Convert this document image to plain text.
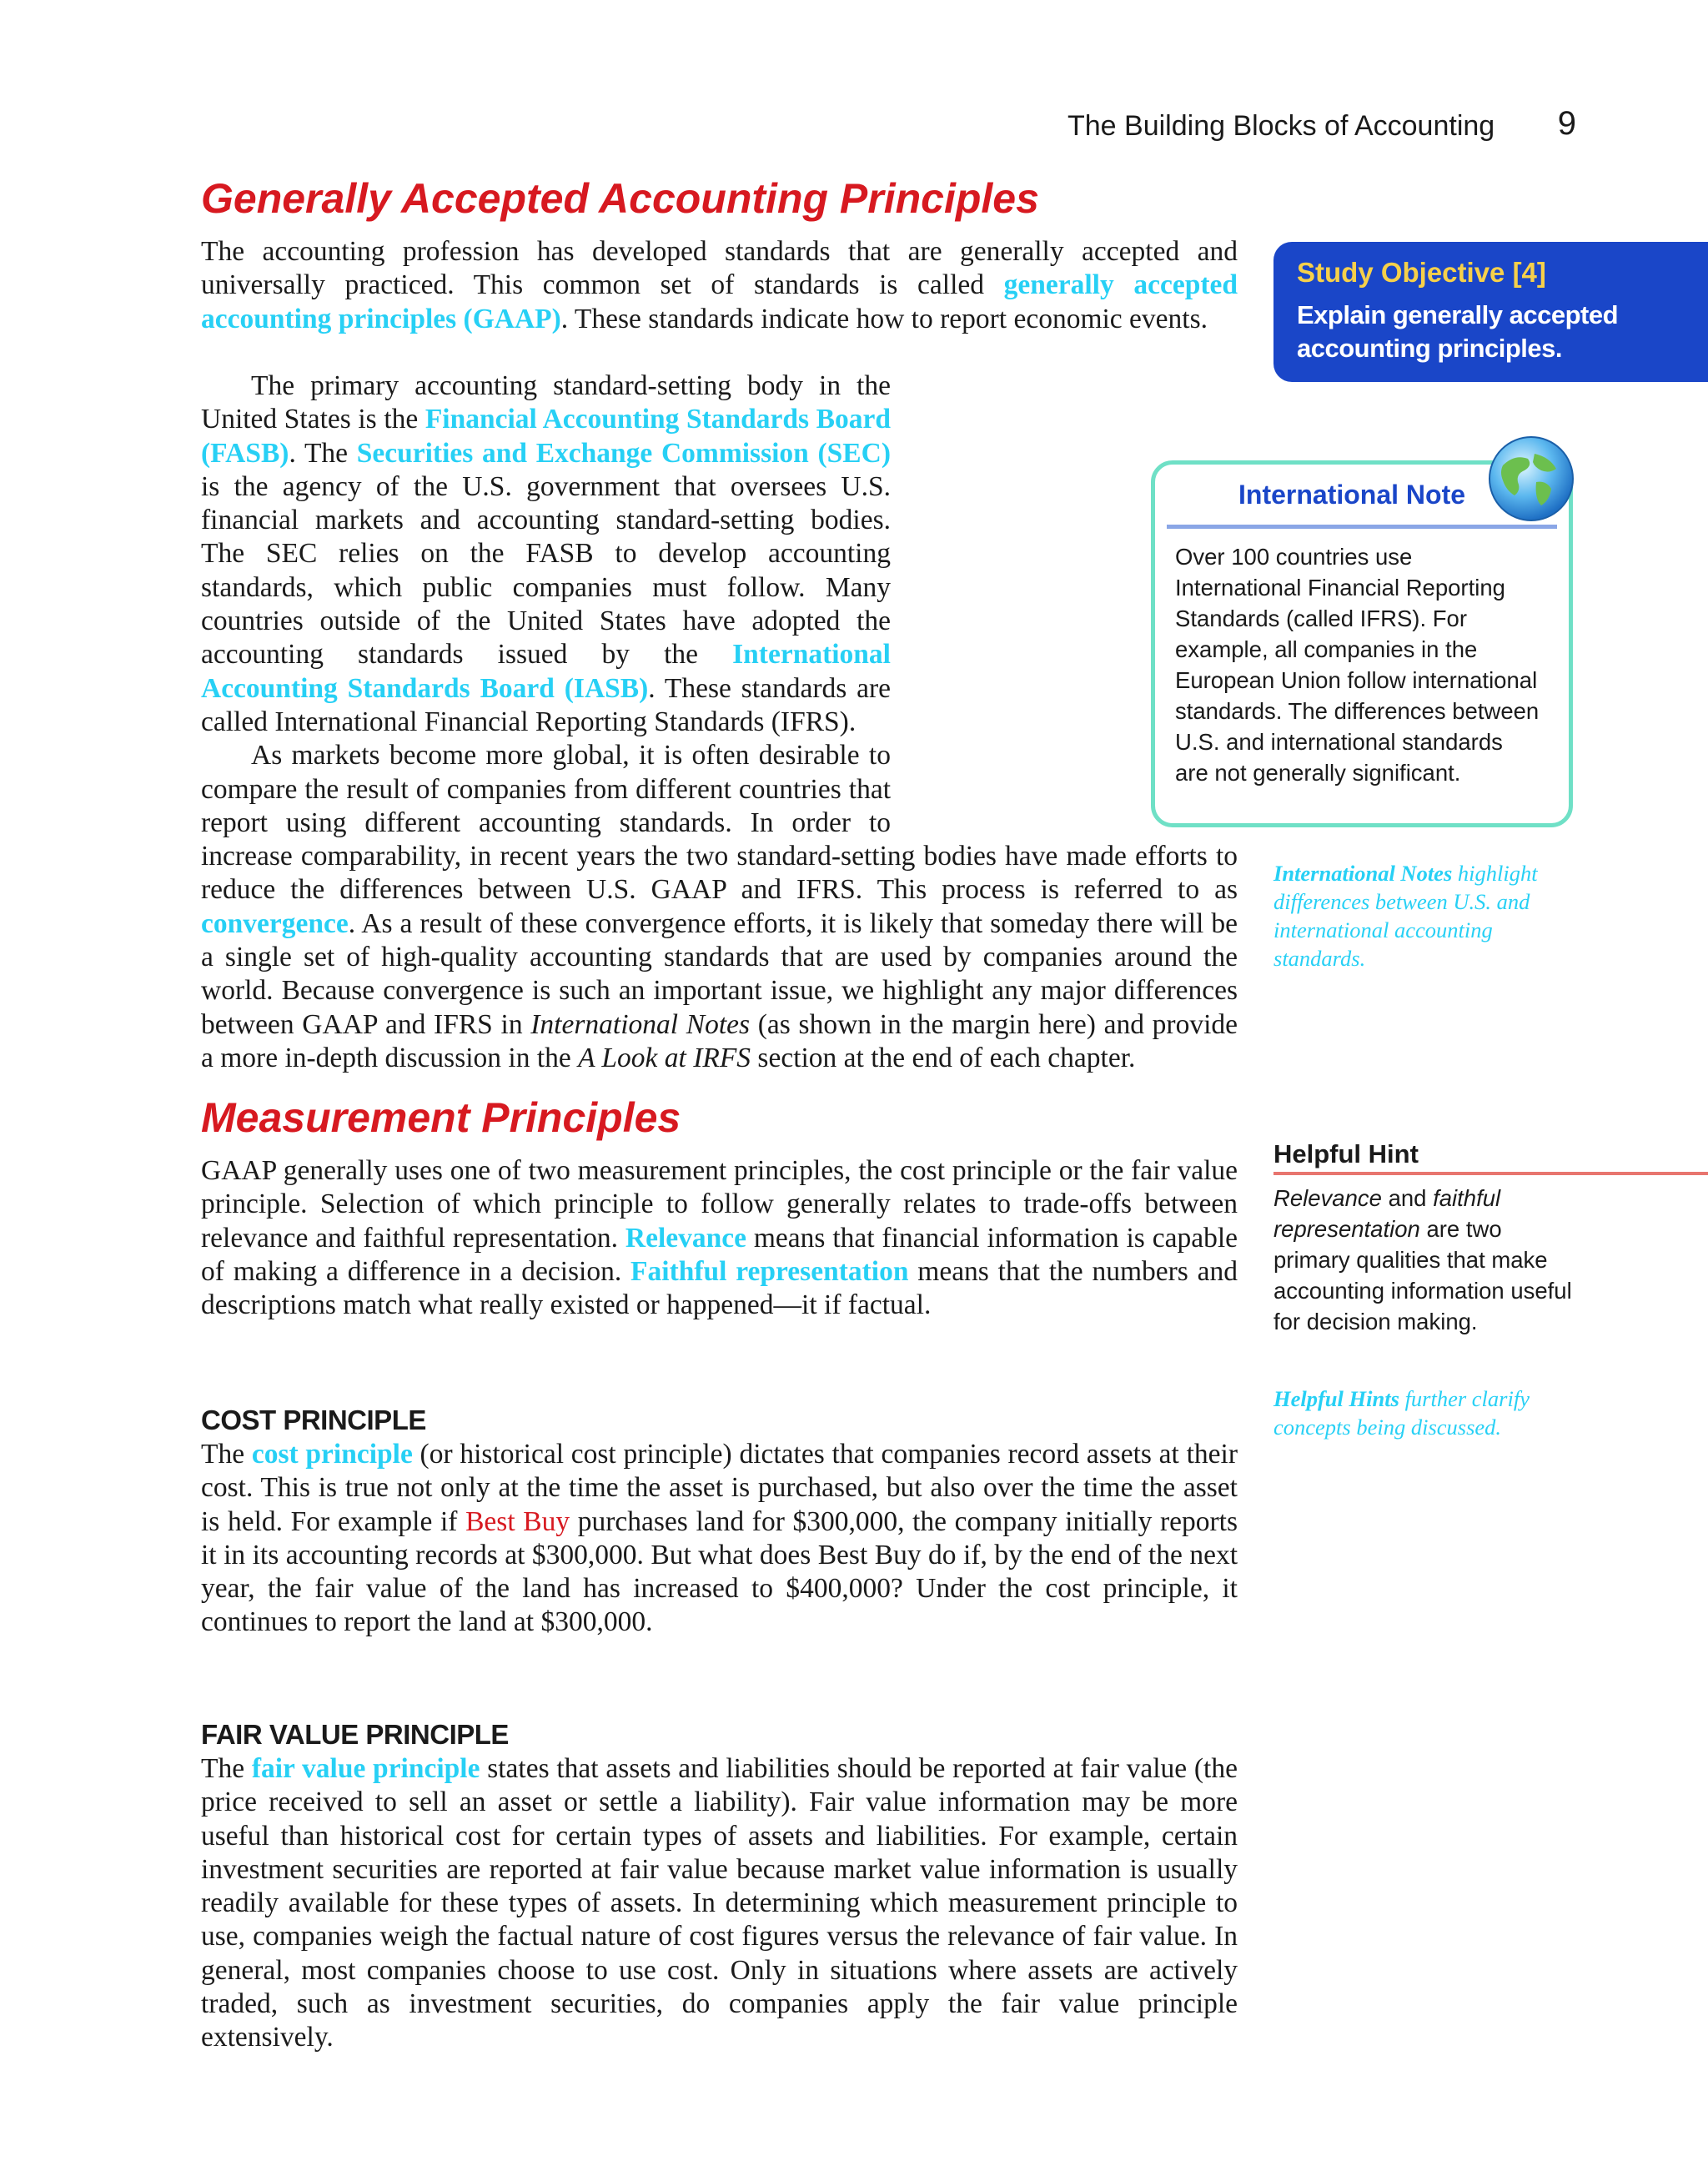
The Building Blocks of Accounting 9
Generally Accepted Accounting Principles

The accounting profession has developed standards that are generally accepted and universally practiced. This common set of standards is called generally accepted accounting principles (GAAP). These standards indicate how to report economic events.

The primary accounting standard-setting body in the United States is the Financial Accounting Standards Board (FASB). The Securities and Exchange Commission (SEC) is the agency of the U.S. government that oversees U.S. financial markets and accounting standard-setting bodies. The SEC relies on the FASB to develop accounting standards, which public companies must follow. Many countries outside of the United States have adopted the accounting standards issued by the International Accounting Standards Board (IASB). These standards are called International Financial Reporting Standards (IFRS).

As markets become more global, it is often desirable to compare the result of companies from different countries that report using different accounting standards. In order to increase comparability, in recent years the two standard-setting bodies have made efforts to reduce the differences between U.S. GAAP and IFRS. This process is referred to as convergence. As a result of these convergence efforts, it is likely that someday there will be a single set of high-quality accounting standards that are used by companies around the world. Because convergence is such an important issue, we highlight any major differences between GAAP and IFRS in International Notes (as shown in the margin here) and provide a more in-depth discussion in the A Look at IRFS section at the end of each chapter.

Study Objective [4]
Explain generally accepted accounting principles.
International Note
Over 100 countries use International Financial Reporting Standards (called IFRS). For example, all companies in the European Union follow international standards. The differences between U.S. and international standards are not generally significant.
International Notes highlight differences between U.S. and international accounting standards.
Measurement Principles

GAAP generally uses one of two measurement principles, the cost principle or the fair value principle. Selection of which principle to follow generally relates to trade-offs between relevance and faithful representation. Relevance means that financial information is capable of making a difference in a decision. Faithful representation means that the numbers and descriptions match what really existed or happened—it if factual.

Helpful Hint
Relevance and faithful representation are two primary qualities that make accounting information useful for decision making.
Helpful Hints further clarify concepts being discussed.
COST PRINCIPLE

The cost principle (or historical cost principle) dictates that companies record assets at their cost. This is true not only at the time the asset is purchased, but also over the time the asset is held. For example if Best Buy purchases land for $300,000, the company initially reports it in its accounting records at $300,000. But what does Best Buy do if, by the end of the next year, the fair value of the land has increased to $400,000? Under the cost principle, it continues to report the land at $300,000.

FAIR VALUE PRINCIPLE

The fair value principle states that assets and liabilities should be reported at fair value (the price received to sell an asset or settle a liability). Fair value information may be more useful than historical cost for certain types of assets and liabilities. For example, certain investment securities are reported at fair value because market value information is usually readily available for these types of assets. In determining which measurement principle to use, companies weigh the factual nature of cost figures versus the relevance of fair value. In general, most companies choose to use cost. Only in situations where assets are actively traded, such as investment securities, do companies apply the fair value principle extensively.
